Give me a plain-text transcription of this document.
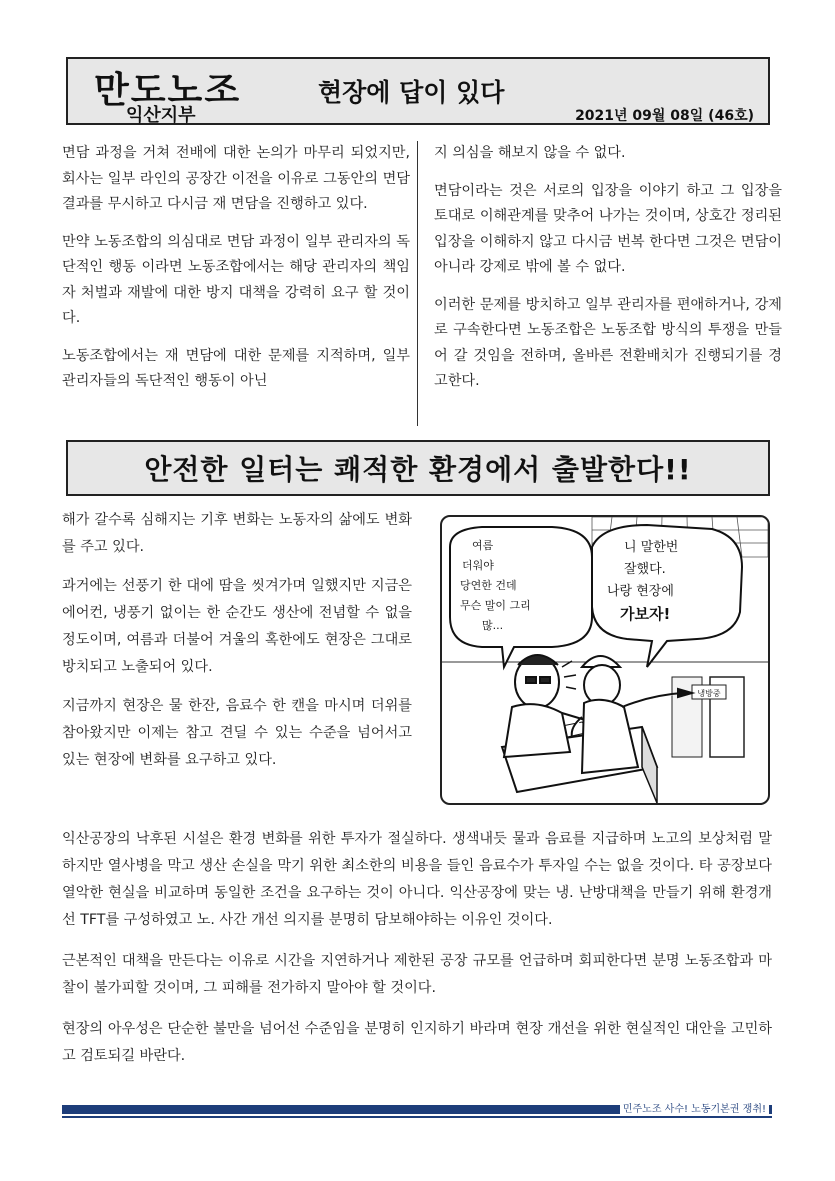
만도노조
익산지부
현장에 답이 있다
2021년 09월 08일 (46호)

면담 과정을 거쳐 전배에 대한 논의가 마무리 되었지만, 회사는 일부 라인의 공장간 이전을 이유로 그동안의 면담 결과를 무시하고 다시금 재 면담을 진행하고 있다.

만약 노동조합의 의심대로 면담 과정이 일부 관리자의 독단적인 행동 이라면 노동조합에서는 해당 관리자의 책임자 처벌과 재발에 대한 방지 대책을 강력히 요구 할 것이다.

노동조합에서는 재 면담에 대한 문제를 지적하며, 일부 관리자들의 독단적인 행동이 아닌

지 의심을 해보지 않을 수 없다.

면담이라는 것은 서로의 입장을 이야기 하고 그 입장을 토대로 이해관계를 맞추어 나가는 것이며, 상호간 정리된 입장을 이해하지 않고 다시금 번복 한다면 그것은 면담이 아니라 강제로 밖에 볼 수 없다.

이러한 문제를 방치하고 일부 관리자를 편애하거나, 강제로 구속한다면 노동조합은 노동조합 방식의 투쟁을 만들어 갈 것임을 전하며, 올바른 전환배치가 진행되기를 경고한다.

안전한 일터는 쾌적한 환경에서 출발한다!!

해가 갈수록 심해지는 기후 변화는 노동자의 삶에도 변화를 주고 있다.

과거에는 선풍기 한 대에 땀을 씻겨가며 일했지만 지금은 에어컨, 냉풍기 없이는 한 순간도 생산에 전념할 수 없을 정도이며, 여름과 더불어 겨울의 혹한에도 현장은 그대로 방치되고 노출되어 있다.

지금까지 현장은 물 한잔, 음료수 한 캔을 마시며 더위를 참아왔지만 이제는 참고 견딜 수 있는 수준을 넘어서고 있는 현장에 변화를 요구하고 있다.

냉방중
여름
더워야
당연한 건데
무슨 말이 그리
많...
니 말한번
잘했다.
나랑 현장에
가보자!

익산공장의 낙후된 시설은 환경 변화를 위한 투자가 절실하다. 생색내듯 물과 음료를 지급하며 노고의 보상처럼 말하지만 열사병을 막고 생산 손실을 막기 위한 최소한의 비용을 들인 음료수가 투자일 수는 없을 것이다. 타 공장보다 열악한 현실을 비교하며 동일한 조건을 요구하는 것이 아니다. 익산공장에 맞는 냉. 난방대책을 만들기 위해 환경개선 TFT를 구성하였고 노. 사간 개선 의지를 분명히 담보해야하는 이유인 것이다.

근본적인 대책을 만든다는 이유로 시간을 지연하거나 제한된 공장 규모를 언급하며 회피한다면 분명 노동조합과 마찰이 불가피할 것이며, 그 피해를 전가하지 말아야 할 것이다.

현장의 아우성은 단순한 불만을 넘어선 수준임을 분명히 인지하기 바라며 현장 개선을 위한 현실적인 대안을 고민하고 검토되길 바란다.

민주노조 사수! 노동기본권 쟁취!
